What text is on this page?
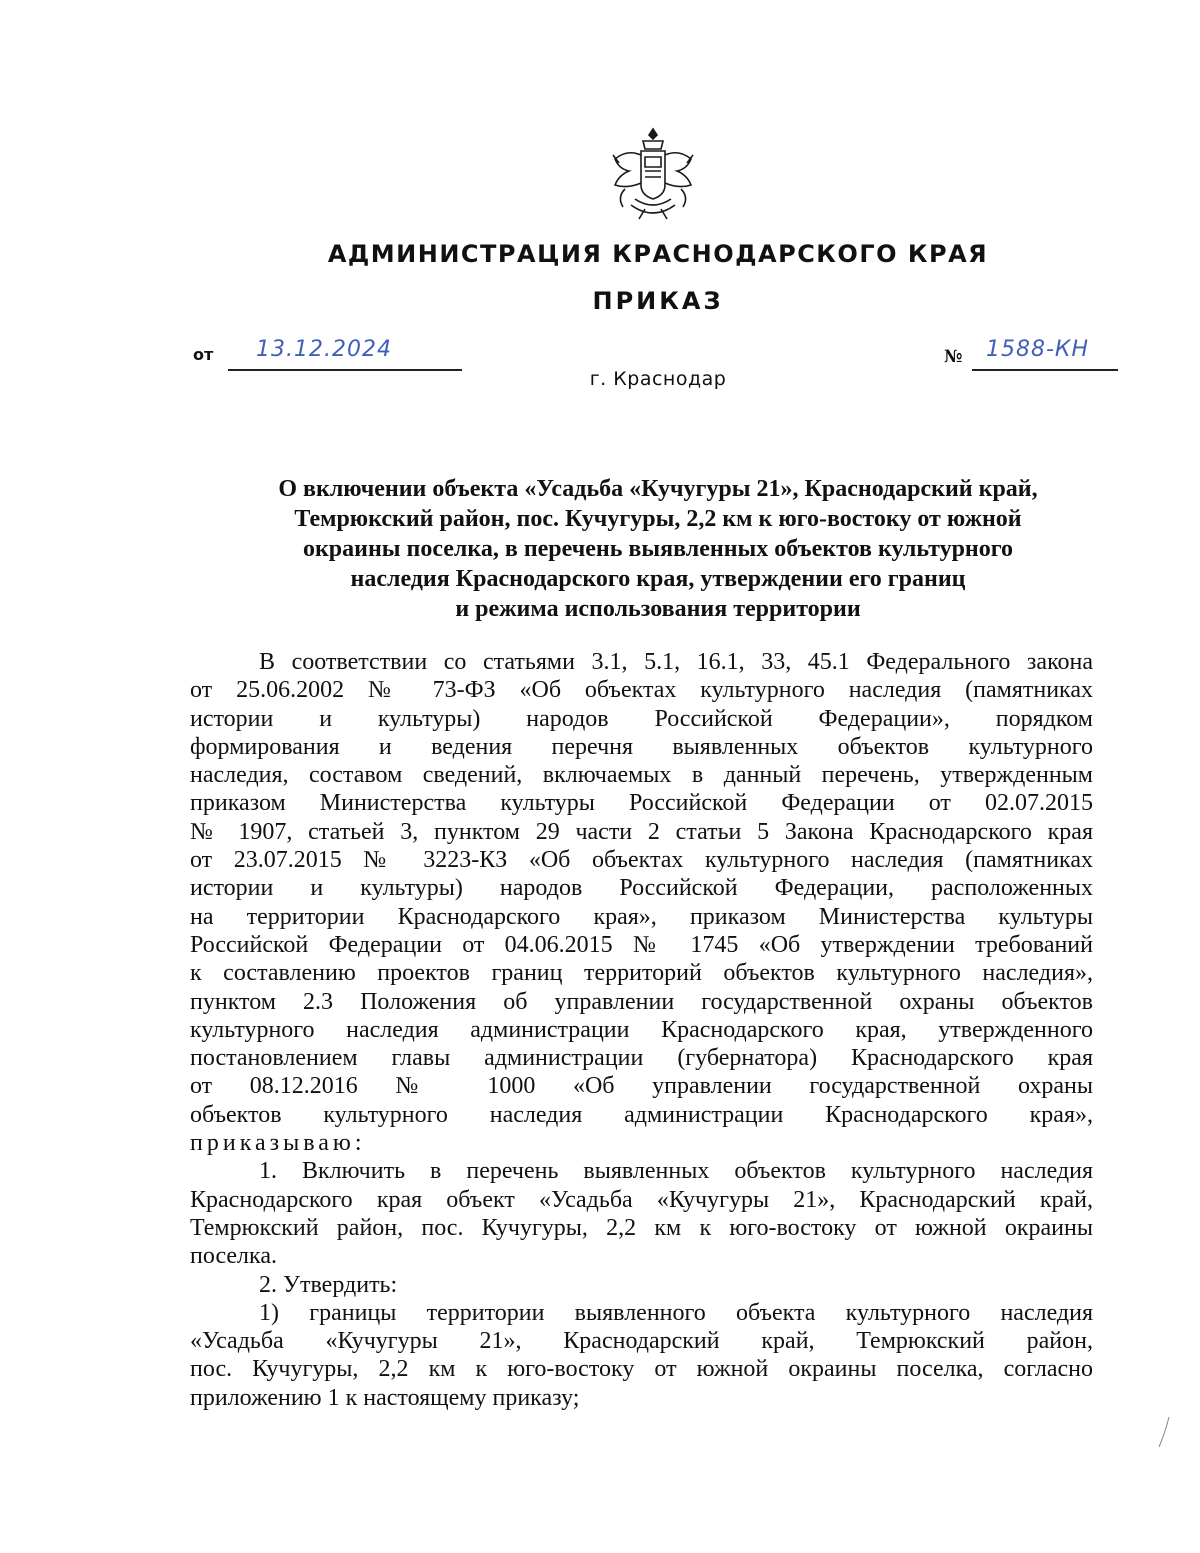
АДМИНИСТРАЦИЯ КРАСНОДАРСКОГО КРАЯ
ПРИКАЗ
от 13.12.2024	№ 1588-КН
г. Краснодар
О включении объекта «Усадьба «Кучугуры 21», Краснодарский край,
Темрюкский район, пос. Кучугуры, 2,2 км к юго-востоку от южной
окраины поселка, в перечень выявленных объектов культурного
наследия Краснодарского края, утверждении его границ
и режима использования территории
В соответствии со статьями 3.1, 5.1, 16.1, 33, 45.1 Федерального закона
от 25.06.2002 № 73-ФЗ «Об объектах культурного наследия (памятниках
истории и культуры) народов Российской Федерации», порядком
формирования и ведения перечня выявленных объектов культурного
наследия, составом сведений, включаемых в данный перечень, утвержденным
приказом Министерства культуры Российской Федерации от 02.07.2015
№ 1907, статьей 3, пунктом 29 части 2 статьи 5 Закона Краснодарского края
от 23.07.2015 № 3223-КЗ «Об объектах культурного наследия (памятниках
истории и культуры) народов Российской Федерации, расположенных
на территории Краснодарского края», приказом Министерства культуры
Российской Федерации от 04.06.2015 № 1745 «Об утверждении требований
к составлению проектов границ территорий объектов культурного наследия»,
пунктом 2.3 Положения об управлении государственной охраны объектов
культурного наследия администрации Краснодарского края, утвержденного
постановлением главы администрации (губернатора) Краснодарского края
от 08.12.2016 № 1000 «Об управлении государственной охраны
объектов культурного наследия администрации Краснодарского края»,
приказываю:
1. Включить в перечень выявленных объектов культурного наследия
Краснодарского края объект «Усадьба «Кучугуры 21», Краснодарский край,
Темрюкский район, пос. Кучугуры, 2,2 км к юго-востоку от южной окраины
поселка.
2. Утвердить:
1) границы территории выявленного объекта культурного наследия
«Усадьба «Кучугуры 21», Краснодарский край, Темрюкский район,
пос. Кучугуры, 2,2 км к юго-востоку от южной окраины поселка, согласно
приложению 1 к настоящему приказу;
